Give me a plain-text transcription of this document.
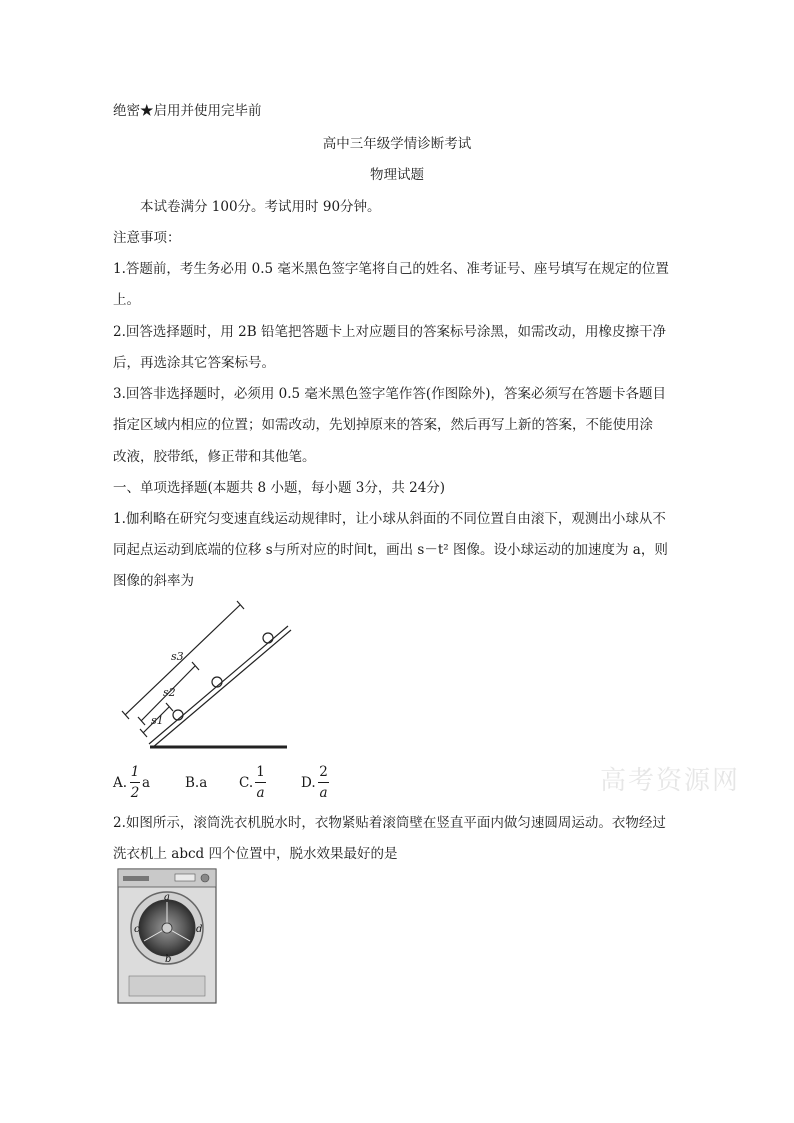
绝密★启用并使用完毕前
高中三年级学情诊断考试
物理试题
本试卷满分 100分。考试用时 90分钟。
注意事项：
1.答题前，考生务必用 0.5 毫米黑色签字笔将自己的姓名、准考证号、座号填写在规定的位置
上。
2.回答选择题时，用 2B 铅笔把答题卡上对应题目的答案标号涂黑，如需改动，用橡皮擦干净
后，再选涂其它答案标号。
3.回答非选择题时，必须用 0.5 毫米黑色签字笔作答(作图除外)，答案必须写在答题卡各题目
指定区域内相应的位置；如需改动，先划掉原来的答案，然后再写上新的答案，不能使用涂
改液，胶带纸，修正带和其他笔。
一、单项选择题(本题共 8 小题，每小题 3分，共 24分)
1.伽利略在研究匀变速直线运动规律时，让小球从斜面的不同位置自由滚下，观测出小球从不
同起点运动到底端的位移 s与所对应的时间t，画出 s－t² 图像。设小球运动的加速度为 a，则
图像的斜率为
s3
s2
s1
A.
1
2
a	B.a C.
1
a
D.
2
a	高考资源网
2.如图所示，滚筒洗衣机脱水时，衣物紧贴着滚筒壁在竖直平面内做匀速圆周运动。衣物经过
洗衣机上 abcd 四个位置中，脱水效果最好的是
a
b
c	d
